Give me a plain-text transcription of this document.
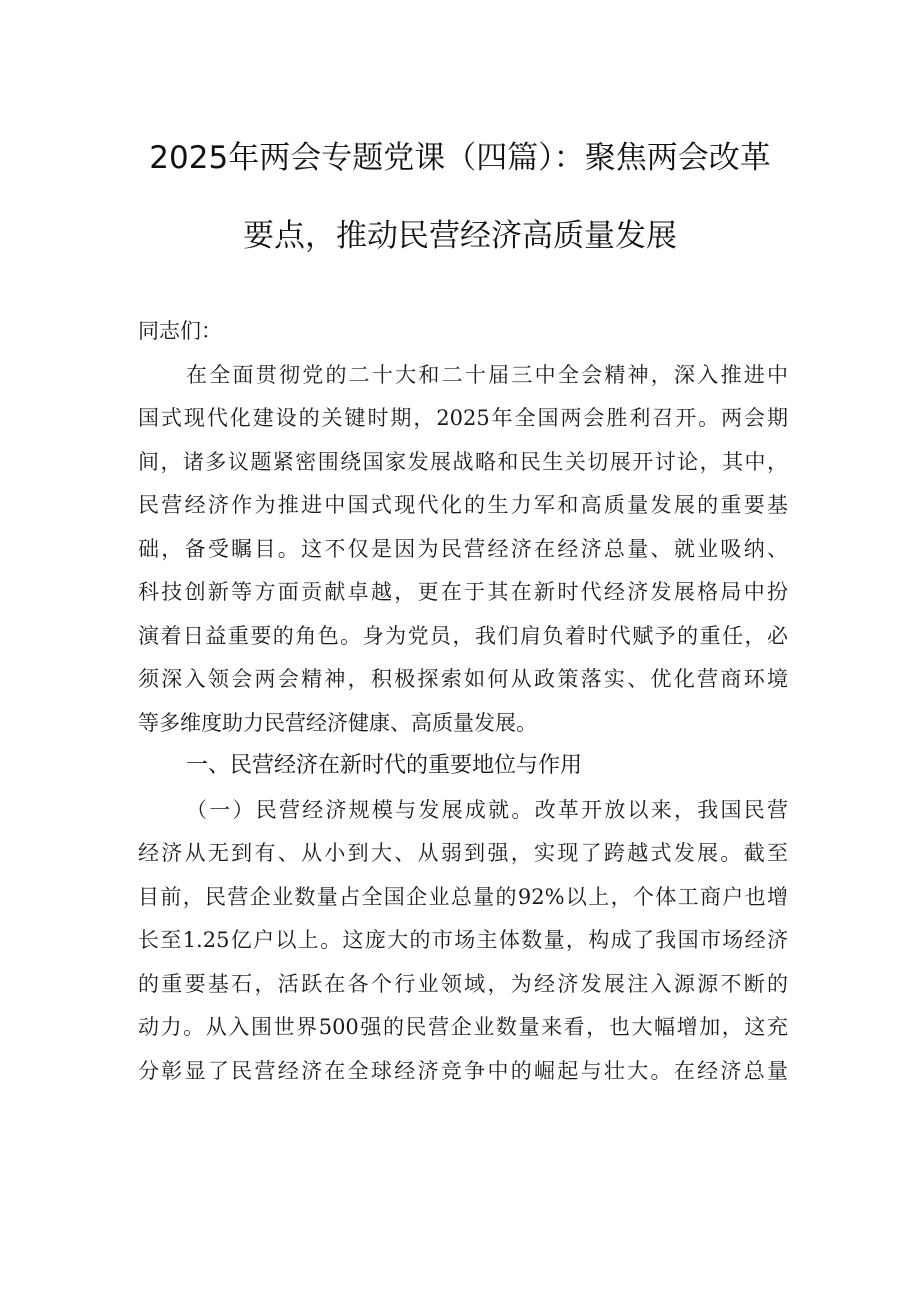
2025年两会专题党课（四篇）：聚焦两会改革
要点，推动民营经济高质量发展
同志们：
在全面贯彻党的二十大和二十届三中全会精神，深入推进中
国式现代化建设的关键时期，2025年全国两会胜利召开。两会期
间，诸多议题紧密围绕国家发展战略和民生关切展开讨论，其中，
民营经济作为推进中国式现代化的生力军和高质量发展的重要基
础，备受瞩目。这不仅是因为民营经济在经济总量、就业吸纳、
科技创新等方面贡献卓越，更在于其在新时代经济发展格局中扮
演着日益重要的角色。身为党员，我们肩负着时代赋予的重任，必
须深入领会两会精神，积极探索如何从政策落实、优化营商环境
等多维度助力民营经济健康、高质量发展。
一、民营经济在新时代的重要地位与作用
（一）民营经济规模与发展成就。改革开放以来，我国民营
经济从无到有、从小到大、从弱到强，实现了跨越式发展。截至
目前，民营企业数量占全国企业总量的92%以上，个体工商户也增
长至1.25亿户以上。这庞大的市场主体数量，构成了我国市场经济
的重要基石，活跃在各个行业领域，为经济发展注入源源不断的
动力。从入围世界500强的民营企业数量来看，也大幅增加，这充
分彰显了民营经济在全球经济竞争中的崛起与壮大。在经济总量
